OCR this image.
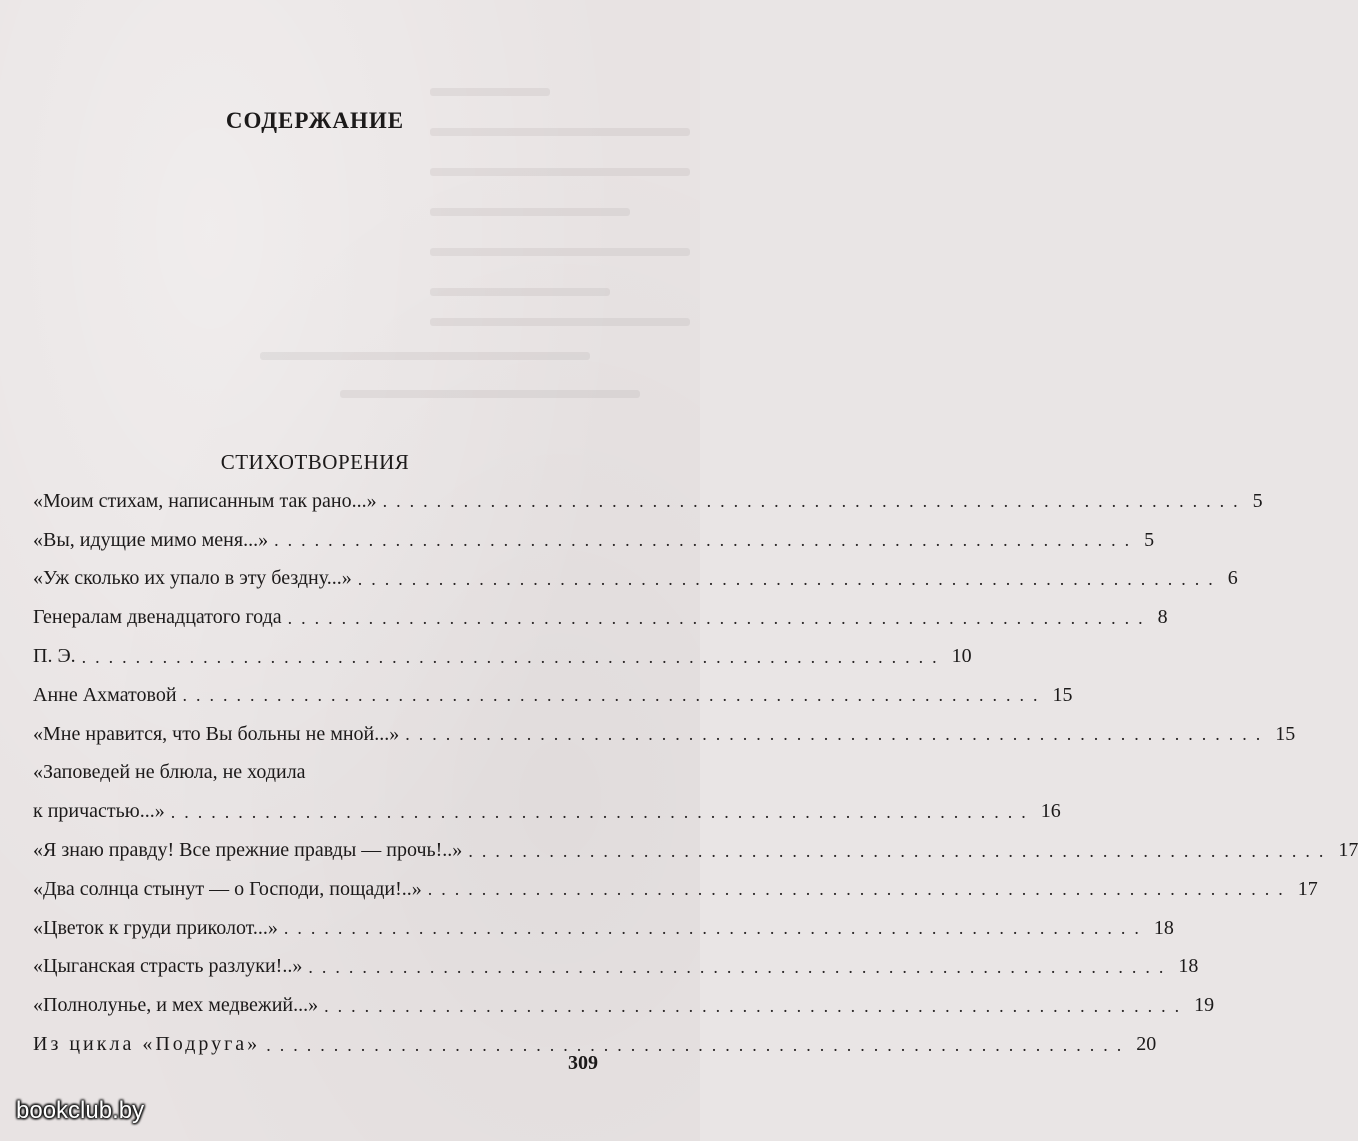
СОДЕРЖАНИЕ
СТИХОТВОРЕНИЯ
«Моим стихам, написанным так рано...» ................................................................ 5
«Вы, идущие мимо меня...» ................................................................ 5
«Уж сколько их упало в эту бездну...» ................................................................ 6
Генералам двенадцатого года ................................................................ 8
П. Э. ................................................................ 10
Анне Ахматовой ................................................................ 15
«Мне нравится, что Вы больны не мной...» ................................................................ 15
«Заповедей не блюла, не ходила
к причастью...» ................................................................ 16
«Я знаю правду! Все прежние правды — прочь!..» ................................................................ 17
«Два солнца стынут — о Господи, пощади!..» ................................................................ 17
«Цветок к груди приколот...» ................................................................ 18
«Цыганская страсть разлуки!..» ................................................................ 18
«Полнолунье, и мех медвежий...» ................................................................ 19
Из цикла «Подруга» ................................................................ 20
309
bookclub.by
